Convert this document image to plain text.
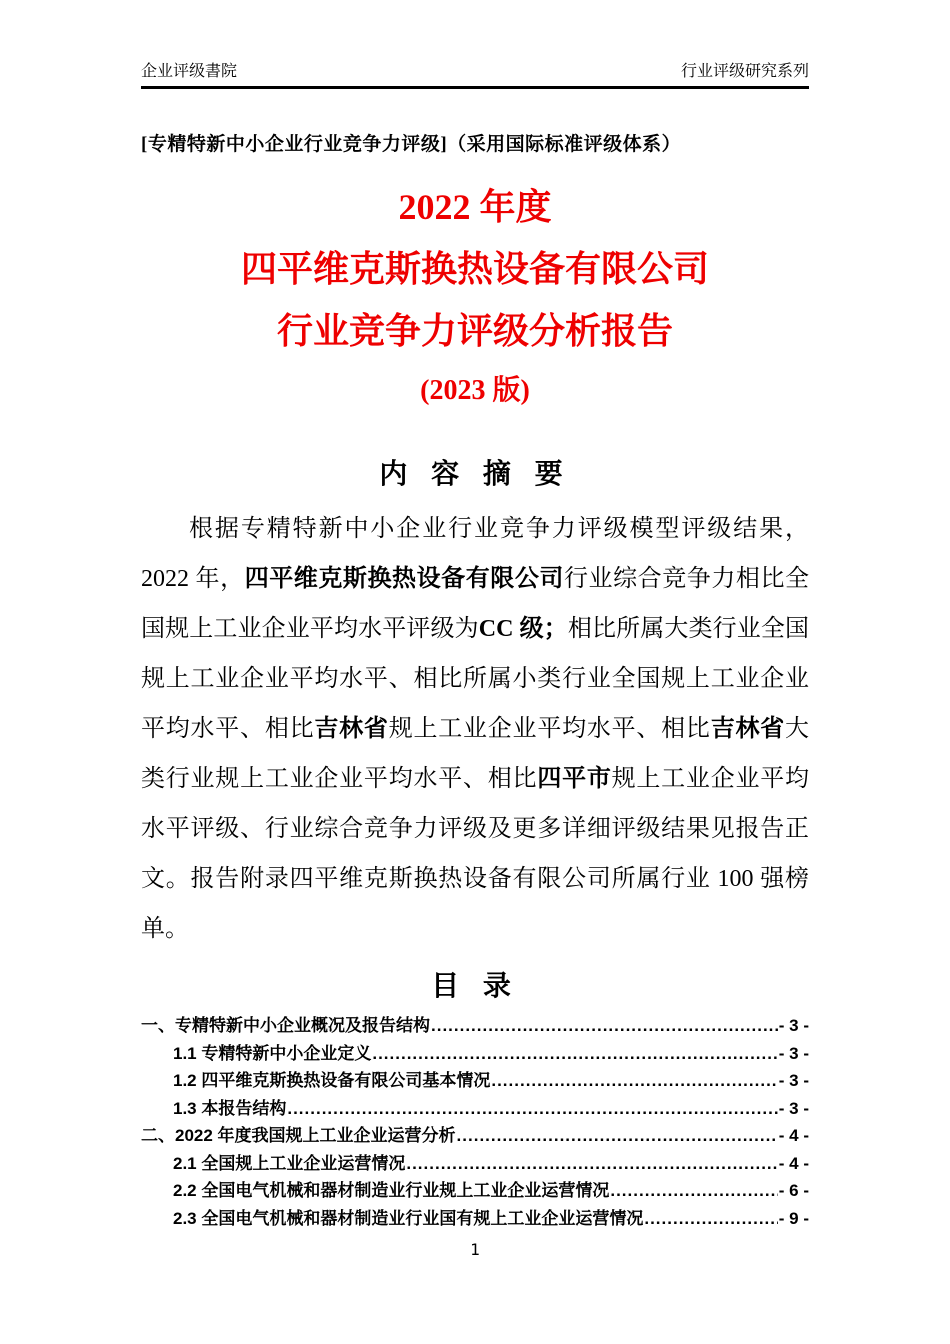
企业评级書院	行业评级研究系列
[专精特新中小企业行业竞争力评级]（采用国际标准评级体系）
2022 年度
四平维克斯换热设备有限公司
行业竞争力评级分析报告
(2023 版)
内 容 摘 要
根据专精特新中小企业行业竞争力评级模型评级结果，
2022 年，四平维克斯换热设备有限公司行业综合竞争力相比全
国规上工业企业平均水平评级为CC 级；相比所属大类行业全国
规上工业企业平均水平、相比所属小类行业全国规上工业企业
平均水平、相比吉林省规上工业企业平均水平、相比吉林省大
类行业规上工业企业平均水平、相比四平市规上工业企业平均
水平评级、行业综合竞争力评级及更多详细评级结果见报告正
文。报告附录四平维克斯换热设备有限公司所属行业 100 强榜
单。
目 录
一、专精特新中小企业概况及报告结构 .....	- 3 -
1.1 专精特新中小企业定义 .....	- 3 -
1.2 四平维克斯换热设备有限公司基本情况 .....	- 3 -
1.3 本报告结构 .....	- 3 -
二、2022 年度我国规上工业企业运营分析 .....	- 4 -
2.1 全国规上工业企业运营情况 .....	- 4 -
2.2 全国电气机械和器材制造业行业规上工业企业运营情况 .....	- 6 -
2.3 全国电气机械和器材制造业行业国有规上工业企业运营情况 .....	- 9 -
1
